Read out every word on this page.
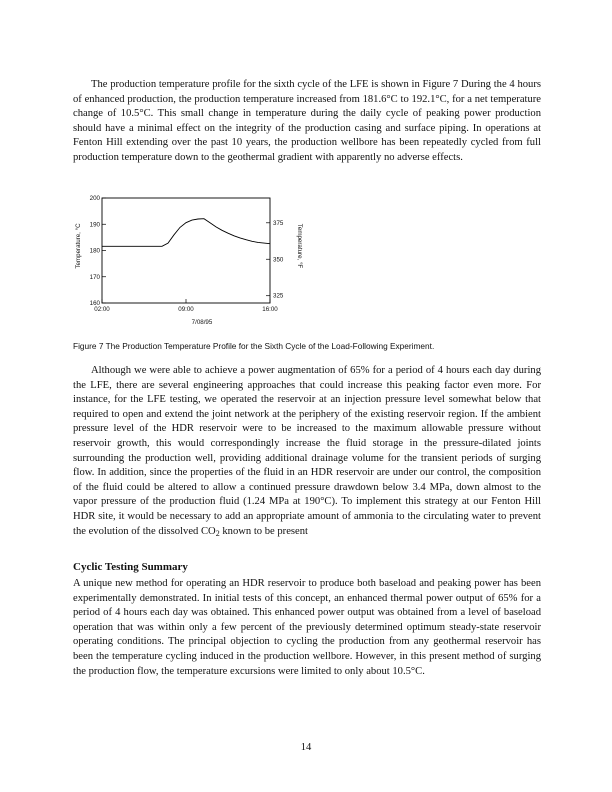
The production temperature profile for the sixth cycle of the LFE is shown in Figure 7 During the 4 hours of enhanced production, the production temperature increased from 181.6°C to 192.1°C, for a net temperature change of 10.5°C. This small change in temperature during the daily cycle of peaking power production should have a minimal effect on the integrity of the production casing and surface piping. In operations at Fenton Hill extending over the past 10 years, the production wellbore has been repeatedly cycled from full production temperature down to the geothermal gradient with apparently no adverse effects.

Temperature, °C	Temperature, °F
7/08/95
160
170
180
190
200
325
350
375
02:00	09:00	16:00

Figure 7 The Production Temperature Profile for the Sixth Cycle of the Load-Following Experiment.

Although we were able to achieve a power augmentation of 65% for a period of 4 hours each day during the LFE, there are several engineering approaches that could increase this peaking factor even more. For instance, for the LFE testing, we operated the reservoir at an injection pressure level somewhat below that required to open and extend the joint network at the periphery of the existing reservoir region. If the ambient pressure level of the HDR reservoir were to be increased to the maximum allowable pressure without reservoir growth, this would correspondingly increase the fluid storage in the pressure-dilated joints surrounding the production well, providing additional drainage volume for the transient periods of surging flow. In addition, since the properties of the fluid in an HDR reservoir are under our control, the composition of the fluid could be altered to allow a continued pressure drawdown below 3.4 MPa, down almost to the vapor pressure of the production fluid (1.24 MPa at 190°C). To implement this strategy at our Fenton Hill HDR site, it would be necessary to add an appropriate amount of ammonia to the circulating water to prevent the evolution of the dissolved $CO_2$ known to be present

Cyclic Testing Summary

A unique new method for operating an HDR reservoir to produce both baseload and peaking power has been experimentally demonstrated. In initial tests of this concept, an enhanced thermal power output of 65% for a period of 4 hours each day was obtained. This enhanced power output was obtained from a level of baseload operation that was within only a few percent of the previously determined optimum steady-state reservoir operating conditions. The principal objection to cycling the production from any geothermal reservoir has been the temperature cycling induced in the production wellbore. However, in this present method of surging the production flow, the temperature excursions were limited to only about 10.5°C.

14
